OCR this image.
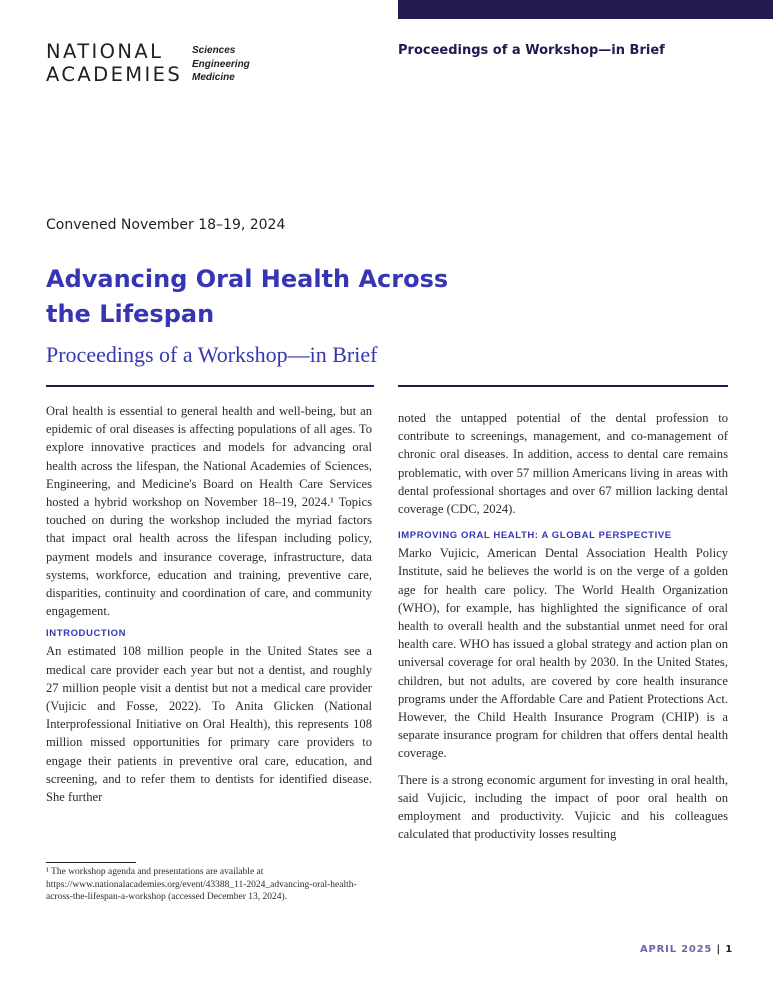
NATIONAL
ACADEMIES
Sciences
Engineering
Medicine
Proceedings of a Workshop—in Brief
Convened November 18–19, 2024
Advancing Oral Health Across
the Lifespan
Proceedings of a Workshop—in Brief

Oral health is essential to general health and well-being, but an epidemic of oral diseases is affecting populations of all ages. To explore innovative practices and models for advancing oral health across the lifespan, the National Academies of Sciences, Engineering, and Medicine's Board on Health Care Services hosted a hybrid workshop on November 18–19, 2024.¹ Topics touched on during the workshop included the myriad factors that impact oral health across the lifespan including policy, payment models and insurance coverage, infrastructure, data systems, workforce, education and training, preventive care, disparities, continuity and coordination of care, and community engagement.

INTRODUCTION

An estimated 108 million people in the United States see a medical care provider each year but not a dentist, and roughly 27 million people visit a dentist but not a medical care provider (Vujicic and Fosse, 2022). To Anita Glicken (National Interprofessional Initiative on Oral Health), this represents 108 million missed opportunities for primary care providers to engage their patients in preventive oral care, education, and screening, and to refer them to dentists for identified disease. She further

¹ The workshop agenda and presentations are available at https://www.nationalacademies.org/event/43388_11-2024_advancing-oral-health-across-the-lifespan-a-workshop (accessed December 13, 2024).

noted the untapped potential of the dental profession to contribute to screenings, management, and co-management of chronic oral diseases. In addition, access to dental care remains problematic, with over 57 million Americans living in areas with dental professional shortages and over 67 million lacking dental coverage (CDC, 2024).

IMPROVING ORAL HEALTH: A GLOBAL PERSPECTIVE

Marko Vujicic, American Dental Association Health Policy Institute, said he believes the world is on the verge of a golden age for health care policy. The World Health Organization (WHO), for example, has highlighted the significance of oral health to overall health and the substantial unmet need for oral health care. WHO has issued a global strategy and action plan on universal coverage for oral health by 2030. In the United States, children, but not adults, are covered by core health insurance programs under the Affordable Care and Patient Protections Act. However, the Child Health Insurance Program (CHIP) is a separate insurance program for children that offers dental health coverage.

There is a strong economic argument for investing in oral health, said Vujicic, including the impact of poor oral health on employment and productivity. Vujicic and his colleagues calculated that productivity losses resulting

APRIL 2025 | 1
